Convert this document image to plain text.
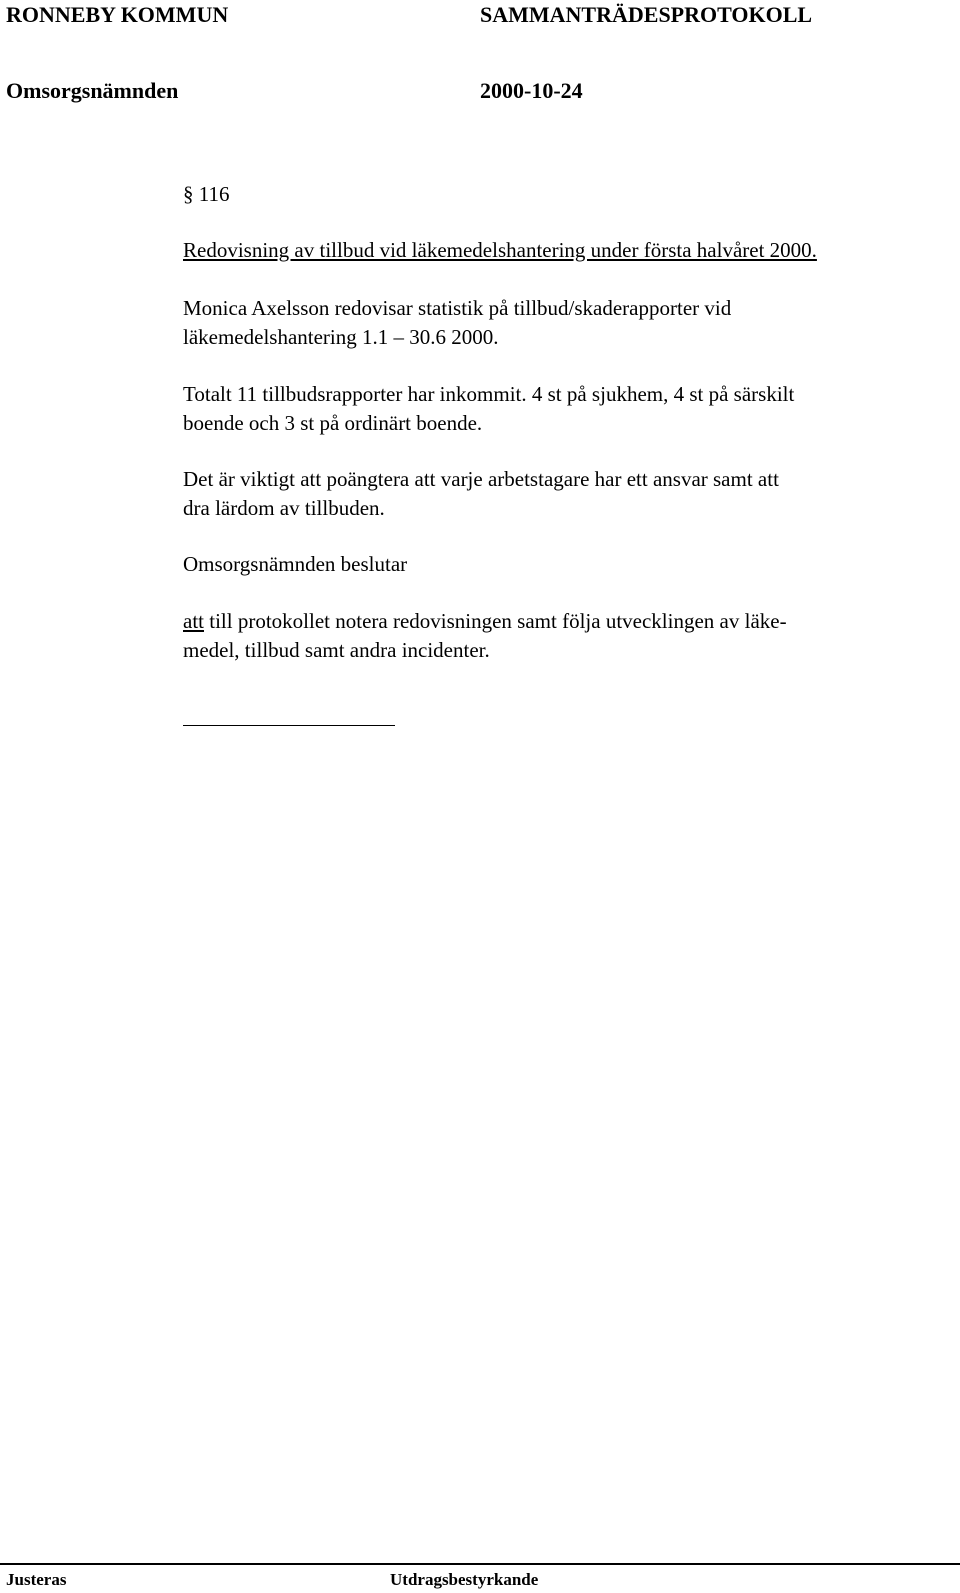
RONNEBY KOMMUN	SAMMANTRÄDESPROTOKOLL
Omsorgsnämnden	2000-10-24
§ 116
Redovisning av tillbud vid läkemedelshantering under första halvåret 2000.
Monica Axelsson redovisar statistik på tillbud/skaderapporter vid
läkemedelshantering 1.1 – 30.6 2000.
Totalt 11 tillbudsrapporter har inkommit. 4 st på sjukhem, 4 st på särskilt
boende och 3 st på ordinärt boende.
Det är viktigt att poängtera att varje arbetstagare har ett ansvar samt att
dra lärdom av tillbuden.
Omsorgsnämnden beslutar
att till protokollet notera redovisningen samt följa utvecklingen av läke-
medel, tillbud samt andra incidenter.
Justeras	Utdragsbestyrkande
